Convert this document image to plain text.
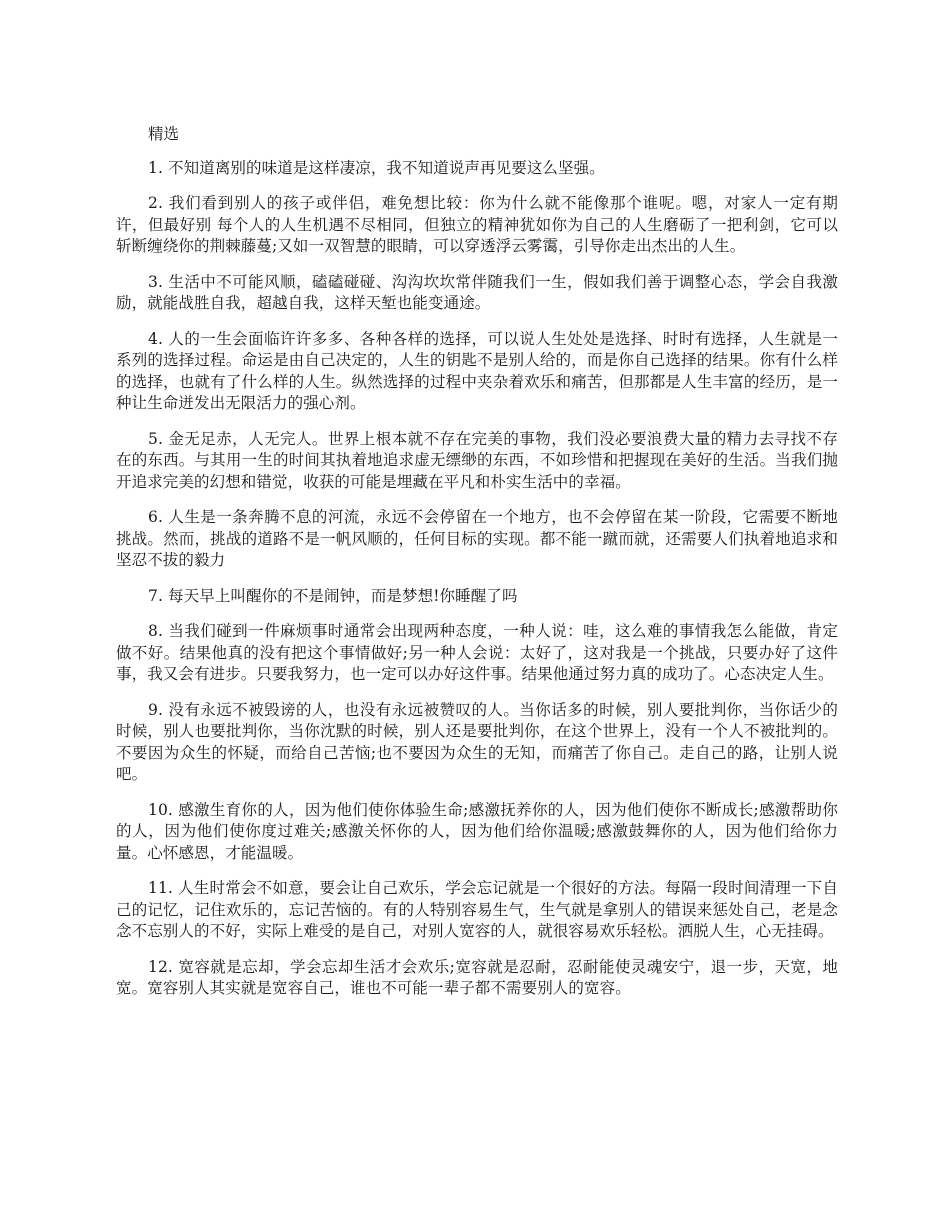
精选

1. 不知道离别的味道是这样凄凉，我不知道说声再见要这么坚强。

2. 我们看到别人的孩子或伴侣，难免想比较：你为什么就不能像那个谁呢。嗯，对家人一定有期许，但最好别 每个人的人生机遇不尽相同，但独立的精神犹如你为自己的人生磨砺了一把利剑，它可以斩断缠绕你的荆棘藤蔓;又如一双智慧的眼睛，可以穿透浮云雾霭，引导你走出杰出的人生。

3. 生活中不可能风顺，磕磕碰碰、沟沟坎坎常伴随我们一生，假如我们善于调整心态，学会自我激励，就能战胜自我，超越自我，这样天堑也能变通途。

4. 人的一生会面临许许多多、各种各样的选择，可以说人生处处是选择、时时有选择，人生就是一系列的选择过程。命运是由自己决定的，人生的钥匙不是别人给的，而是你自己选择的结果。你有什么样的选择，也就有了什么样的人生。纵然选择的过程中夹杂着欢乐和痛苦，但那都是人生丰富的经历，是一种让生命迸发出无限活力的强心剂。

5. 金无足赤，人无完人。世界上根本就不存在完美的事物，我们没必要浪费大量的精力去寻找不存在的东西。与其用一生的时间其执着地追求虚无缥缈的东西，不如珍惜和把握现在美好的生活。当我们抛开追求完美的幻想和错觉，收获的可能是埋藏在平凡和朴实生活中的幸福。

6. 人生是一条奔腾不息的河流，永远不会停留在一个地方，也不会停留在某一阶段，它需要不断地挑战。然而，挑战的道路不是一帆风顺的，任何目标的实现。都不能一蹴而就，还需要人们执着地追求和坚忍不拔的毅力

7. 每天早上叫醒你的不是闹钟，而是梦想!你睡醒了吗

8. 当我们碰到一件麻烦事时通常会出现两种态度，一种人说：哇，这么难的事情我怎么能做，肯定做不好。结果他真的没有把这个事情做好;另一种人会说：太好了，这对我是一个挑战，只要办好了这件事，我又会有进步。只要我努力，也一定可以办好这件事。结果他通过努力真的成功了。心态决定人生。

9. 没有永远不被毁谤的人，也没有永远被赞叹的人。当你话多的时候，别人要批判你，当你话少的时候，别人也要批判你，当你沈默的时候，别人还是要批判你，在这个世界上，没有一个人不被批判的。不要因为众生的怀疑，而给自己苦恼;也不要因为众生的无知，而痛苦了你自己。走自己的路，让别人说吧。

10. 感激生育你的人，因为他们使你体验生命;感激抚养你的人，因为他们使你不断成长;感激帮助你的人，因为他们使你度过难关;感激关怀你的人，因为他们给你温暖;感激鼓舞你的人，因为他们给你力量。心怀感恩，才能温暖。

11. 人生时常会不如意，要会让自己欢乐，学会忘记就是一个很好的方法。每隔一段时间清理一下自己的记忆，记住欢乐的，忘记苦恼的。有的人特别容易生气，生气就是拿别人的错误来惩处自己，老是念念不忘别人的不好，实际上难受的是自己，对别人宽容的人，就很容易欢乐轻松。洒脱人生，心无挂碍。

12. 宽容就是忘却，学会忘却生活才会欢乐;宽容就是忍耐，忍耐能使灵魂安宁，退一步，天宽，地宽。宽容别人其实就是宽容自己，谁也不可能一辈子都不需要别人的宽容。
